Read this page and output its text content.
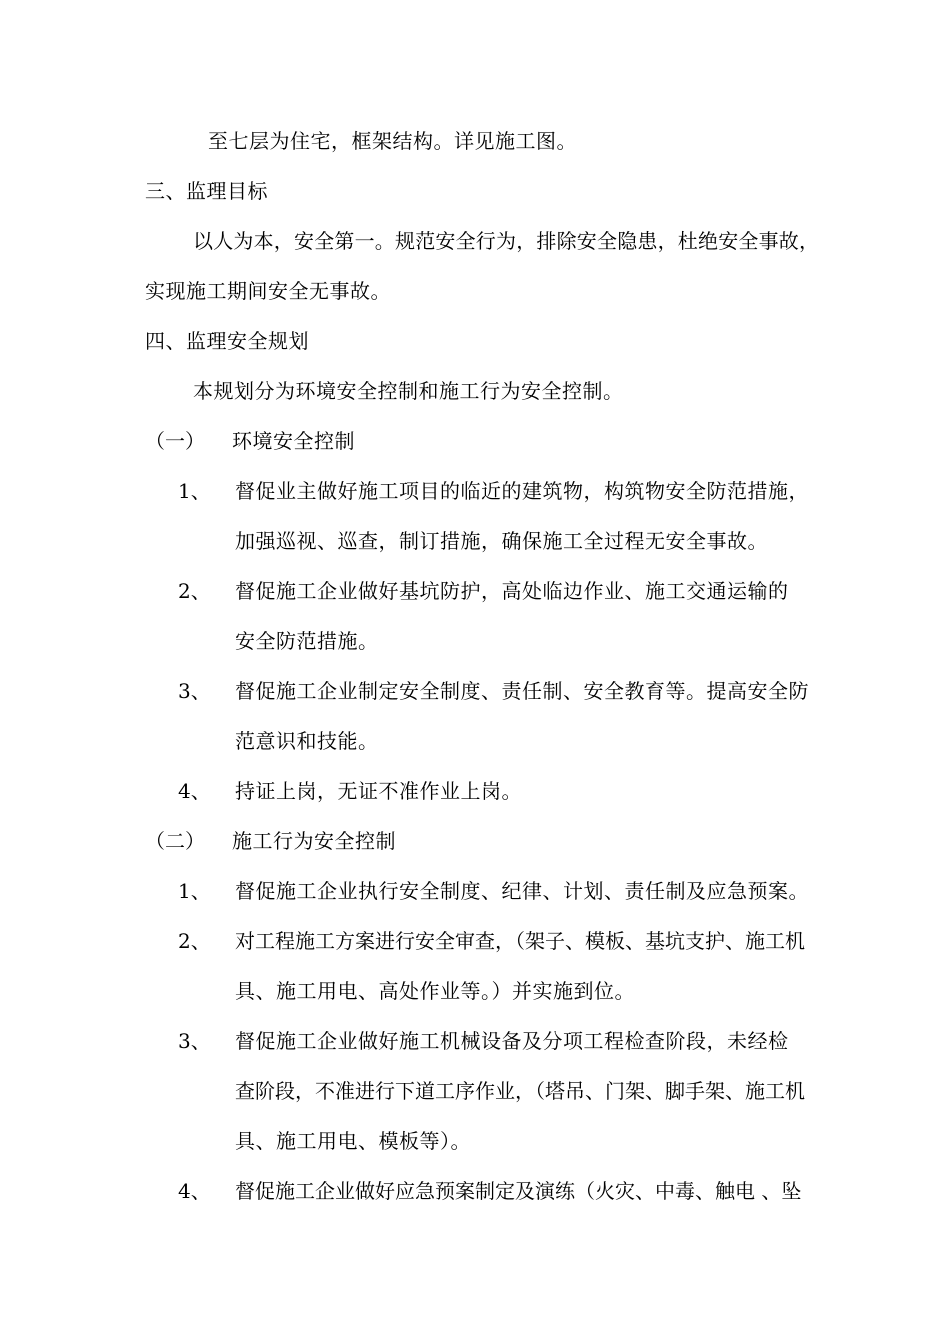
至七层为住宅，框架结构。详见施工图。
三、监理目标
以人为本，安全第一。规范安全行为，排除安全隐患，杜绝安全事故，
实现施工期间安全无事故。
四、监理安全规划
本规划分为环境安全控制和施工行为安全控制。
（一） 环境安全控制
1、 督促业主做好施工项目的临近的建筑物，构筑物安全防范措施，
加强巡视、巡查，制订措施，确保施工全过程无安全事故。
2、 督促施工企业做好基坑防护，高处临边作业、施工交通运输的
安全防范措施。
3、 督促施工企业制定安全制度、责任制、安全教育等。提高安全防
范意识和技能。
4、 持证上岗，无证不准作业上岗。
（二） 施工行为安全控制
1、 督促施工企业执行安全制度、纪律、计划、责任制及应急预案。
2、 对工程施工方案进行安全审查，（架子、模板、基坑支护、施工机
具、施工用电、高处作业等。）并实施到位。
3、 督促施工企业做好施工机械设备及分项工程检查阶段，未经检
查阶段，不准进行下道工序作业，（塔吊、门架、脚手架、施工机
具、施工用电、模板等）。
4、 督促施工企业做好应急预案制定及演练（火灾、中毒、触电 、坠
